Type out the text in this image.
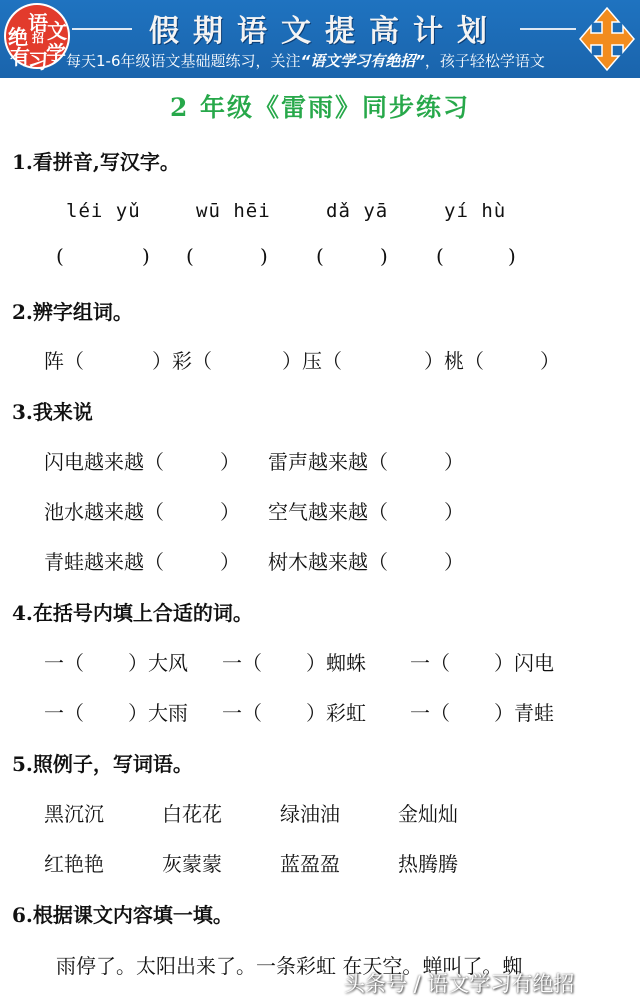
语 文
绝 招
学
有
习
假期语文提高计划
每天1-6年级语文基础题练习，关注“语文学习有绝招”，孩子轻松学语文
2 年级《雷雨》同步练习
1.看拼音,写汉字。
léi yǔ	wū hēi	dǎ yā	yí hù
(	) (	) (	) (	)
2.辨字组词。
阵（	）彩（	）压（	）桃（	）
3.我来说
闪电越来越（	） 雷声越来越（	）
池水越来越（	） 空气越来越（	）
青蛙越来越（	） 树木越来越（	）
4.在括号内填上合适的词。
一（ ）大风 一（ ）蜘蛛 一（ ）闪电
一（ ）大雨 一（ ）彩虹 一（ ）青蛙
5.照例子，写词语。
黑沉沉	白花花	绿油油	金灿灿
红艳艳	灰蒙蒙	蓝盈盈	热腾腾
6.根据课文内容填一填。
雨停了。太阳出来了。一条彩虹 在天空。蝉叫了。蜘
头条号 / 语文学习有绝招
